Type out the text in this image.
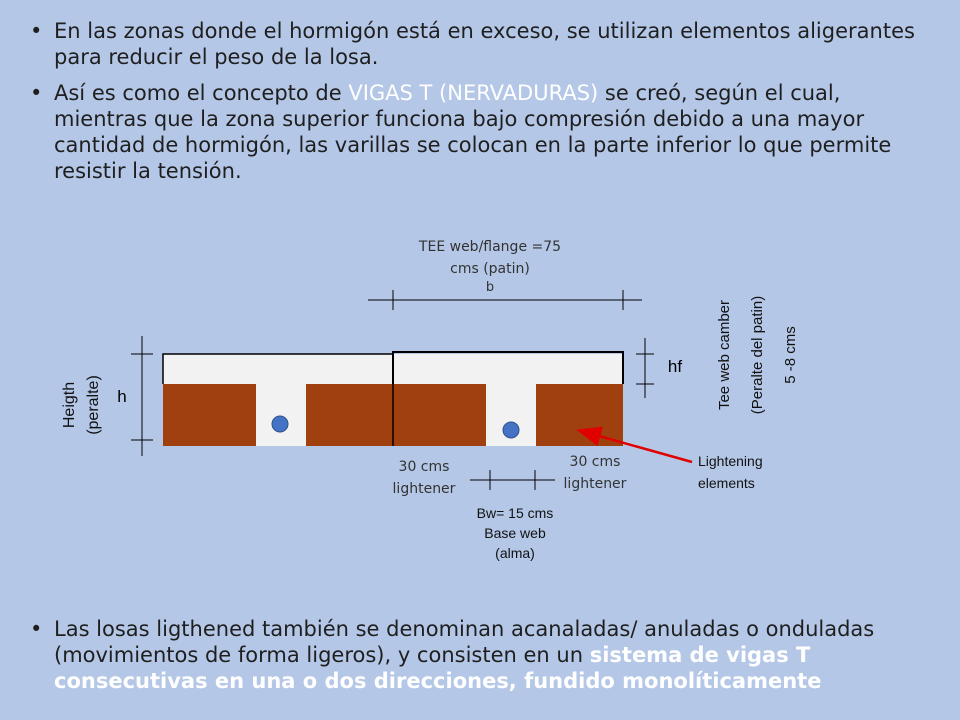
• En las zonas donde el hormigón está en exceso, se utilizan elementos aligerantes para reducir el peso de la losa.
• Así es como el concepto de VIGAS T (NERVADURAS) se creó, según el cual, mientras que la zona superior funciona bajo compresión debido a una mayor cantidad de hormigón, las varillas se colocan en la parte inferior lo que permite resistir la tensión.
• Las losas ligthened también se denominan acanaladas/ anuladas o onduladas (movimientos de forma ligeros), y consisten en un sistema de vigas T consecutivas en una o dos direcciones, fundido monolíticamente
TEE web/flange =75
cms (patin)
b
hf
h
Heigth (peralte)	Tee web camber	(Peralte del patin)	5 -8 cms
30 cms
lightener
30 cms
lightener
Lightening
elements
Bw= 15 cms
Base web
(alma)
